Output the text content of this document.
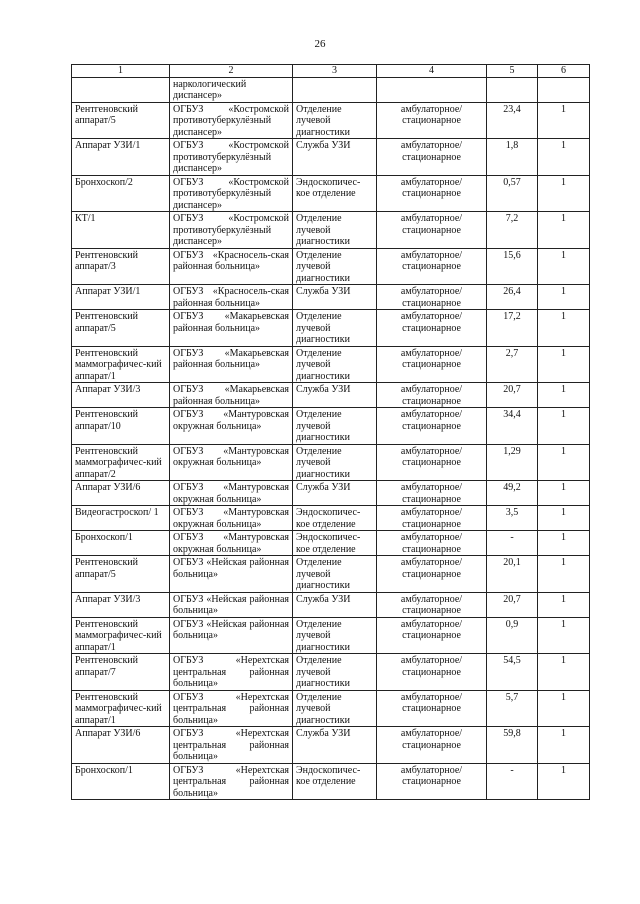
26
1	2	3	4	5	6
	наркологический диспансер»				
Рентгеновский аппарат/5	ОГБУЗ «Костромской противотуберкулёзный диспансер»	Отделение лучевой диагностики	амбулаторное/ стационарное	23,4	1
Аппарат УЗИ/1	ОГБУЗ «Костромской противотуберкулёзный диспансер»	Служба УЗИ	амбулаторное/ стационарное	1,8	1
Бронхоскоп/2	ОГБУЗ «Костромской противотуберкулёзный диспансер»	Эндоскопичес-кое отделение	амбулаторное/ стационарное	0,57	1
КТ/1	ОГБУЗ «Костромской противотуберкулёзный диспансер»	Отделение лучевой диагностики	амбулаторное/ стационарное	7,2	1
Рентгеновский аппарат/3	ОГБУЗ «Красносель-ская районная больница»	Отделение лучевой диагностики	амбулаторное/ стационарное	15,6	1
Аппарат УЗИ/1	ОГБУЗ «Красносель-ская районная больница»	Служба УЗИ	амбулаторное/ стационарное	26,4	1
Рентгеновский аппарат/5	ОГБУЗ «Макарьевская районная больница»	Отделение лучевой диагностики	амбулаторное/ стационарное	17,2	1
Рентгеновский маммографичес-кий аппарат/1	ОГБУЗ «Макарьевская районная больница»	Отделение лучевой диагностики	амбулаторное/ стационарное	2,7	1
Аппарат УЗИ/3	ОГБУЗ «Макарьевская районная больница»	Служба УЗИ	амбулаторное/ стационарное	20,7	1
Рентгеновский аппарат/10	ОГБУЗ «Мантуровская окружная больница»	Отделение лучевой диагностики	амбулаторное/ стационарное	34,4	1
Рентгеновский маммографичес-кий аппарат/2	ОГБУЗ «Мантуровская окружная больница»	Отделение лучевой диагностики	амбулаторное/ стационарное	1,29	1
Аппарат УЗИ/6	ОГБУЗ «Мантуровская окружная больница»	Служба УЗИ	амбулаторное/ стационарное	49,2	1
Видеогастроскоп/ 1	ОГБУЗ «Мантуровская окружная больница»	Эндоскопичес-кое отделение	амбулаторное/ стационарное	3,5	1
Бронхоскоп/1	ОГБУЗ «Мантуровская окружная больница»	Эндоскопичес-кое отделение	амбулаторное/ стационарное	-	1
Рентгеновский аппарат/5	ОГБУЗ «Нейская районная больница»	Отделение лучевой диагностики	амбулаторное/ стационарное	20,1	1
Аппарат УЗИ/3	ОГБУЗ «Нейская районная больница»	Служба УЗИ	амбулаторное/ стационарное	20,7	1
Рентгеновский маммографичес-кий аппарат/1	ОГБУЗ «Нейская районная больница»	Отделение лучевой диагностики	амбулаторное/ стационарное	0,9	1
Рентгеновский аппарат/7	ОГБУЗ «Нерехтская центральная районная больница»	Отделение лучевой диагностики	амбулаторное/ стационарное	54,5	1
Рентгеновский маммографичес-кий аппарат/1	ОГБУЗ «Нерехтская центральная районная больница»	Отделение лучевой диагностики	амбулаторное/ стационарное	5,7	1
Аппарат УЗИ/6	ОГБУЗ «Нерехтская центральная районная больница»	Служба УЗИ	амбулаторное/ стационарное	59,8	1
Бронхоскоп/1	ОГБУЗ «Нерехтская центральная районная больница»	Эндоскопичес-кое отделение	амбулаторное/ стационарное	-	1
